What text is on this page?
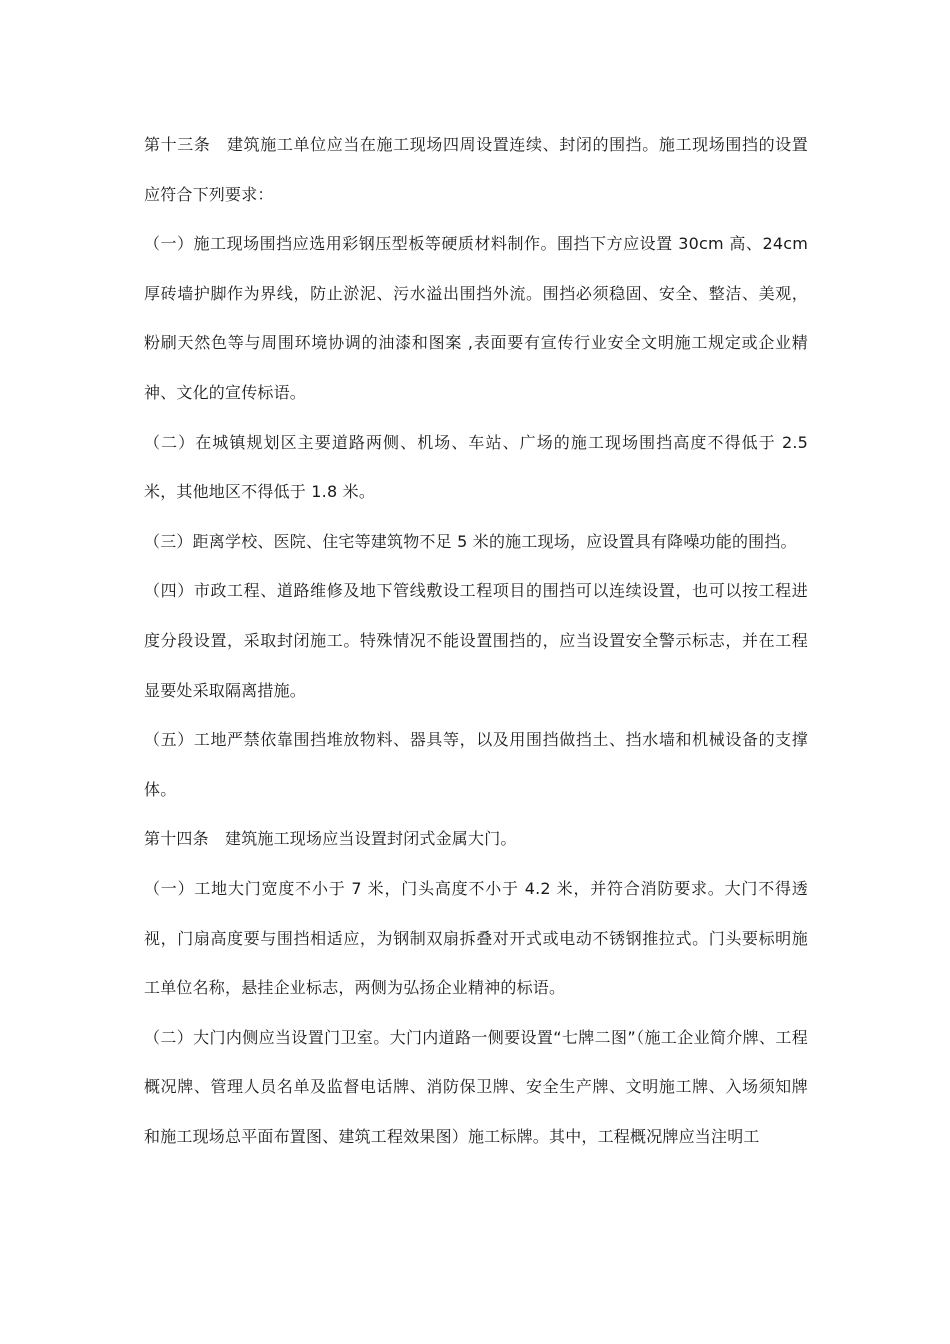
第十三条　建筑施工单位应当在施工现场四周设置连续、封闭的围挡。施工现场围挡的设置应符合下列要求：

（一）施工现场围挡应选用彩钢压型板等硬质材料制作。围挡下方应设置 30cm 高、24cm 厚砖墙护脚作为界线，防止淤泥、污水溢出围挡外流。围挡必须稳固、安全、整洁、美观，粉刷天然色等与周围环境协调的油漆和图案 ,表面要有宣传行业安全文明施工规定或企业精神、文化的宣传标语。

（二）在城镇规划区主要道路两侧、机场、车站、广场的施工现场围挡高度不得低于 2.5 米，其他地区不得低于 1.8 米。

（三）距离学校、医院、住宅等建筑物不足 5 米的施工现场，应设置具有降噪功能的围挡。

（四）市政工程、道路维修及地下管线敷设工程项目的围挡可以连续设置，也可以按工程进度分段设置，采取封闭施工。特殊情况不能设置围挡的，应当设置安全警示标志，并在工程显要处采取隔离措施。

（五）工地严禁依靠围挡堆放物料、器具等，以及用围挡做挡土、挡水墙和机械设备的支撑体。

第十四条　建筑施工现场应当设置封闭式金属大门。

（一）工地大门宽度不小于 7 米，门头高度不小于 4.2 米，并符合消防要求。大门不得透视，门扇高度要与围挡相适应，为钢制双扇拆叠对开式或电动不锈钢推拉式。门头要标明施工单位名称，悬挂企业标志，两侧为弘扬企业精神的标语。

（二）大门内侧应当设置门卫室。大门内道路一侧要设置“七牌二图”（施工企业简介牌、工程概况牌、管理人员名单及监督电话牌、消防保卫牌、安全生产牌、文明施工牌、入场须知牌和施工现场总平面布置图、建筑工程效果图）施工标牌。其中，工程概况牌应当注明工
